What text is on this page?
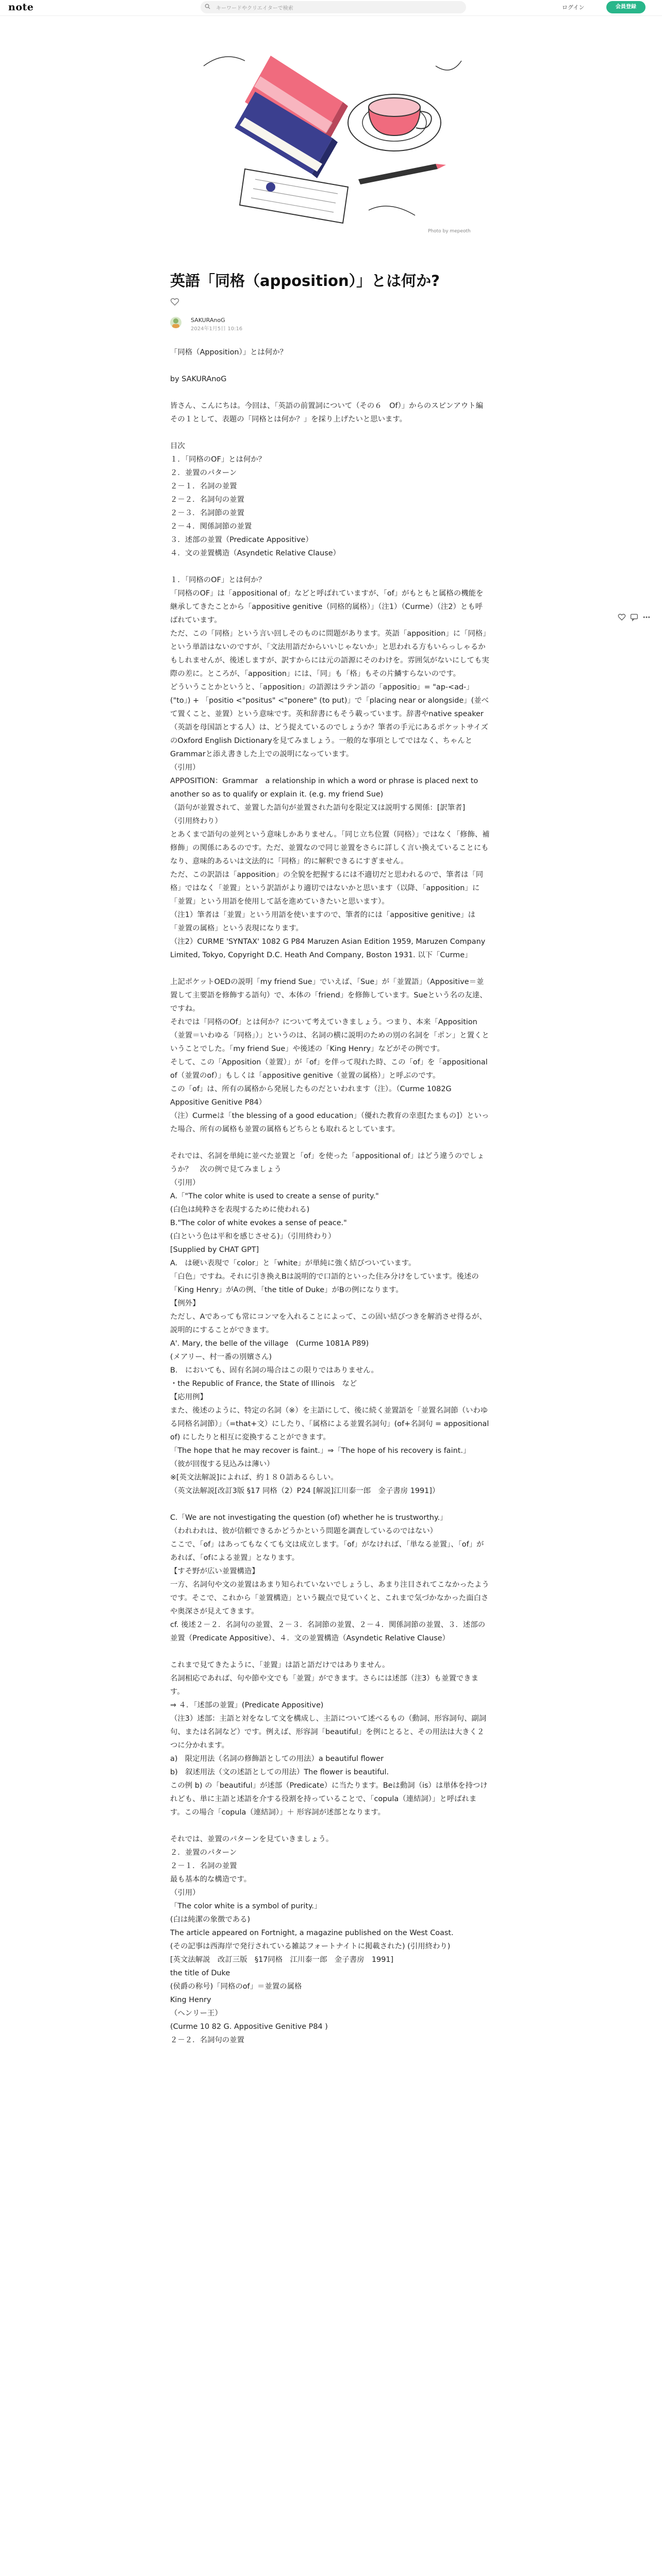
note	キーワードやクリエイターで検索	ログイン	会員登録
Photo by mepeoth
英語「同格（apposition）」とは何か?
SAKURAnoG
2024年1月5日 10:16

「同格（Apposition）」とは何か？

by SAKURAnoG

皆さん、こんにちは。今回は、「英語の前置詞について（その６　Of）」からのスピンアウト編その１として、表題の「同格とは何か？」を採り上げたいと思います。

目次
１．「同格のOF」とは何か？
２．並置のパターン
２－１．名詞の並置
２－２．名詞句の並置
２－３．名詞節の並置
２－４．関係詞節の並置
３．述部の並置（Predicate Appositive）
４．文の並置構造（Asyndetic Relative Clause）

１．「同格のOF」とは何か？
「同格のOF」は「appositional of」などと呼ばれていますが、「of」がもともと属格の機能を継承してきたことから「appositive genitive（同格的属格）」（注1）（Curme）（注2）とも呼ばれています。
ただ、この「同格」という言い回しそのものに問題があります。英語「apposition」に「同格」という単語はないのですが、「文法用語だからいいじゃないか」と思われる方もいらっしゃるかもしれませんが、後述しますが、訳すからには元の語源にそのわけを。雰囲気がないにしても実際の差に。ところが、「apposition」には、「同」も「格」もその片鱗すらないのです。
どういうことかというと、「apposition」の語源はラテン語の「appositio」= "ap-<ad-」("to」) + 「positio <"positus" <"ponere" (to put)」で「placing near or alongside」(並べて置くこと、並置）という意味です。英和辞書にもそう載っています。辞書やnative speaker（英語を母国語とする人）は、どう捉えているのでしょうか？筆者の手元にあるポケットサイズのOxford English Dictionaryを見てみましょう。一般的な事項としてではなく、ちゃんとGrammarと添え書きした上での説明になっています。
（引用）
APPOSITION：Grammar　a relationship in which a word or phrase is placed next to another so as to qualify or explain it. (e.g. my friend Sue)
（語句が並置されて、並置した語句が並置された語句を限定又は説明する関係：[訳筆者]
（引用終わり）
とあくまで語句の並列という意味しかありません。「同じ立ち位置（同格）」ではなく「修飾、補修飾」の関係にあるのです。ただ、並置なので同じ並置をさらに詳しく言い換えていることにもなり、意味的あるいは文法的に「同格」的に解釈できるにすぎません。
ただ、この訳語は「apposition」の全貌を把握するには不適切だと思われるので、筆者は「同格」ではなく「並置」という訳語がより適切ではないかと思います（以降、「apposition」に「並置」という用語を使用して話を進めていきたいと思います）。
（注1）筆者は「並置」という用語を使いますので、筆者的には「appositive genitive」は「並置の属格」という表現になります。
（注2）CURME 'SYNTAX' 1082 G P84 Maruzen Asian Edition 1959, Maruzen Company Limited, Tokyo, Copyright D.C. Heath And Company, Boston 1931. 以下「Curme」

上記ポケットOEDの説明「my friend Sue」でいえば、「Sue」が「並置語」（Appositive＝並置して主要語を修飾する語句）で、本体の「friend」を修飾しています。Sueという名の友達、ですね。
それでは「同格のOf」とは何か？について考えていきましょう。つまり、本来「Apposition（並置＝いわゆる「同格」）」というのは、名詞の横に説明のための別の名詞を「ポン」と置くということでした。「my friend Sue」や後述の「King Henry」などがその例です。
そして、この「Apposition（並置）」が「of」を伴って現れた時、この「of」を「appositional of（並置のof）」もしくは「appositive genitive（並置の属格）」と呼ぶのです。
この「of」は、所有の属格から発展したものだといわれます（注）。（Curme 1082G Appositive Genitive P84）
（注）Curmeは「the blessing of a good education」（優れた教育の幸恵[たまもの]）といった場合、所有の属格も並置の属格もどちらとも取れるとしています。

それでは、名詞を単純に並べた並置と「of」を使った「appositional of」はどう違うのでしょうか？　次の例で見てみましょう
（引用）
A.「"The color white is used to create a sense of purity."
(白色は純粋さを表現するために使われる)
B."The color of white evokes a sense of peace."
(白という色は平和を感じさせる)」（引用終わり）
[Supplied by CHAT GPT]
A.　は硬い表現で「color」と「white」が単純に強く結びついています。
「白色」ですね。それに引き換えBは説明的で口語的といった住み分けをしています。後述の「King Henry」がAの例、「the title of Duke」がBの例になります。
【例外】
ただし、Aであっても常にコンマを入れることによって、この固い結びつきを解消させ得るが、説明的にすることができます。
A'. Mary, the belle of the village　(Curme 1081A P89)
(メアリー、村一番の別嬪さん)
B.　においても、固有名詞の場合はこの限りではありません。
・the Republic of France, the State of Illinois　など
【応用例】
また、後述のように、特定の名詞（※）を主語にして、後に続く並置語を「並置名詞節（いわゆる同格名詞節）」（=that+文）にしたり、「属格による並置名詞句」(of+名詞句 = appositional of) にしたりと相互に変換することができます。
「The hope that he may recover is faint.」⇒「The hope of his recovery is faint.」
（彼が回復する見込みは薄い）
※[英文法解説]によれば、約１８０語あるらしい。
（英文法解説[改訂3版 §17 同格（2）P24 [解説]江川泰一郎　金子書房 1991]）

C.「We are not investigating the question (of) whether he is trustworthy.」
（われわれは、彼が信頼できるかどうかという問題を調査しているのではない）
ここで、「of」はあってもなくても文は成立します。「of」がなければ、「単なる並置」、「of」があれば、「ofによる並置」となります。
【すそ野が広い並置構造】
一方、名詞句や文の並置はあまり知られていないでしょうし、あまり注目されてこなかったようです。そこで、これから「並置構造」という観点で見ていくと、これまで気づかなかった面白さや奥深さが見えてきます。
cf. 後述２－２．名詞句の並置、２－３．名詞節の並置、２－４．関係詞節の並置、３．述部の並置（Predicate Appositive）、４．文の並置構造（Asyndetic Relative Clause）

これまで見てきたように、「並置」は語と語だけではありません。
名詞相応であれば、句や節や文でも「並置」ができます。さらには述部（注3）も並置できます。
⇒ ４．「述部の並置」(Predicate Appositive)
（注3）述部：主語と対をなして文を構成し、主語について述べるもの（動詞、形容詞句、副詞句、または名詞など）です。例えば、形容詞「beautiful」を例にとると、その用法は大きく２つに分かれます。
a)　限定用法（名詞の修飾語としての用法）a beautiful flower
b)　叙述用法（文の述語としての用法）The flower is beautiful.
この例 b) の「beautiful」が述部（Predicate）に当たります。Beは動詞（is）は単体を持つけれども、単に主語と述語を介する役割を持っていることで、「copula（連結詞）」と呼ばれます。この場合「copula（連結詞）」＋ 形容詞が述部となります。

それでは、並置のパターンを見ていきましょう。
２．並置のパターン
２－１．名詞の並置
最も基本的な構造です。
（引用）
「The color white is a symbol of purity.」
(白は純潔の象徴である)
The article appeared on Fortnight, a magazine published on the West Coast.
(その記事は西海岸で発行されている雑誌フォートナイトに掲載された) (引用終わり)
[英文法解説　改訂三版　§17同格　江川泰一郎　金子書房　1991]
the title of Duke
(侯爵の称号)「同格のof」＝並置の属格
King Henry
（ヘンリー王）
(Curme 10 82 G. Appositive Genitive P84 )
２－２．名詞句の並置
